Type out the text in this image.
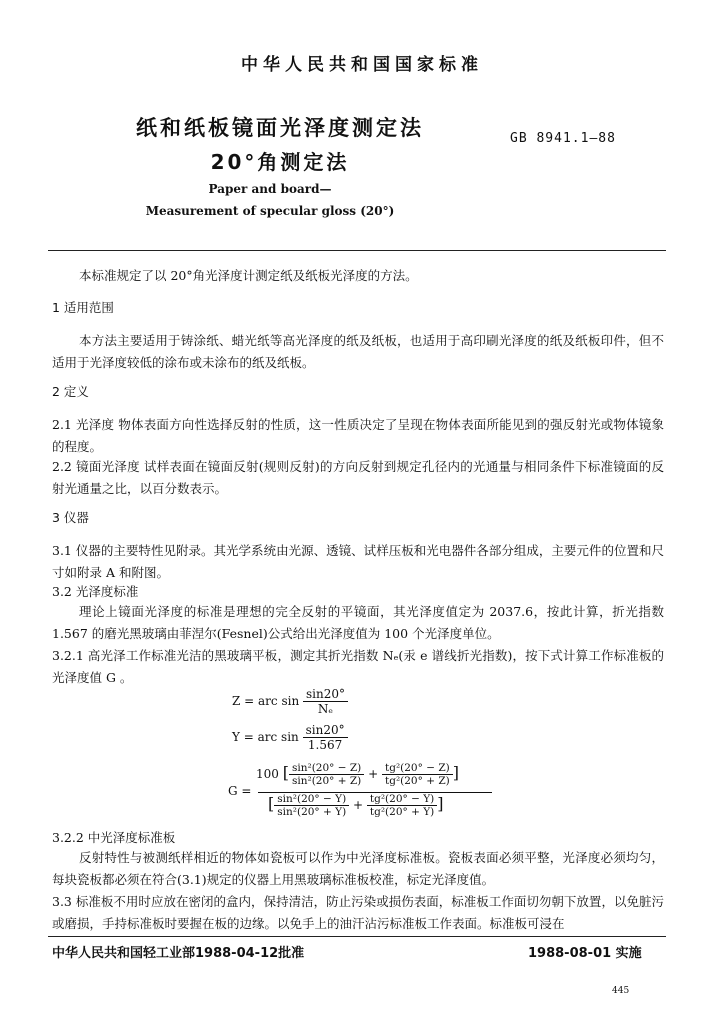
中华人民共和国国家标准
纸和纸板镜面光泽度测定法
20°角测定法
GB 8941.1—88
Paper and board—
Measurement of specular gloss (20°)
本标准规定了以 20°角光泽度计测定纸及纸板光泽度的方法。
1 适用范围
本方法主要适用于铸涂纸、蜡光纸等高光泽度的纸及纸板，也适用于高印刷光泽度的纸及纸板印件，但不适用于光泽度较低的涂布或未涂布的纸及纸板。
2 定义
2.1 光泽度 物体表面方向性选择反射的性质，这一性质决定了呈现在物体表面所能见到的强反射光或物体镜象的程度。
2.2 镜面光泽度 试样表面在镜面反射(规则反射)的方向反射到规定孔径内的光通量与相同条件下标准镜面的反射光通量之比，以百分数表示。
3 仪器
3.1 仪器的主要特性见附录。其光学系统由光源、透镜、试样压板和光电器件各部分组成，主要元件的位置和尺寸如附录 A 和附图。
3.2 光泽度标准
理论上镜面光泽度的标准是理想的完全反射的平镜面，其光泽度值定为 2037.6，按此计算，折光指数 1.567 的磨光黑玻璃由菲涅尔(Fesnel)公式给出光泽度值为 100 个光泽度单位。
3.2.1 高光泽工作标准光洁的黑玻璃平板，测定其折光指数 Nₑ(汞 e 谱线折光指数)，按下式计算工作标准板的光泽度值 G 。
Z = arc $\sin \frac{\sin 20^\circ}{\text{Nₑ}}$
Y = arc $\sin \frac{\sin 20^\circ}{1.567}$
G =
100 [ $\frac{\text{sin²(20° − Z)}}{\text{sin²(20° + Z)}} + \frac{\text{tg²(20° − Z)}}{\text{tg²(20° + Z)}}$ ]
[ $\frac{\text{sin²(20° − Y)}}{\text{sin²(20° + Y)}} + \frac{\text{tg²(20° − Y)}}{\text{tg²(20° + Y)}}$ ]
3.2.2 中光泽度标准板
反射特性与被测纸样相近的物体如瓷板可以作为中光泽度标准板。瓷板表面必须平整，光泽度必须均匀，每块瓷板都必须在符合(3.1)规定的仪器上用黑玻璃标准板校准，标定光泽度值。
3.3 标准板不用时应放在密闭的盒内，保持清洁，防止污染或损伤表面，标准板工作面切勿朝下放置，以免脏污或磨损，手持标准板时要握在板的边缘。以免手上的油汗沾污标准板工作表面。标准板可浸在
中华人民共和国轻工业部1988-04-12批准	1988-08-01 实施
445
